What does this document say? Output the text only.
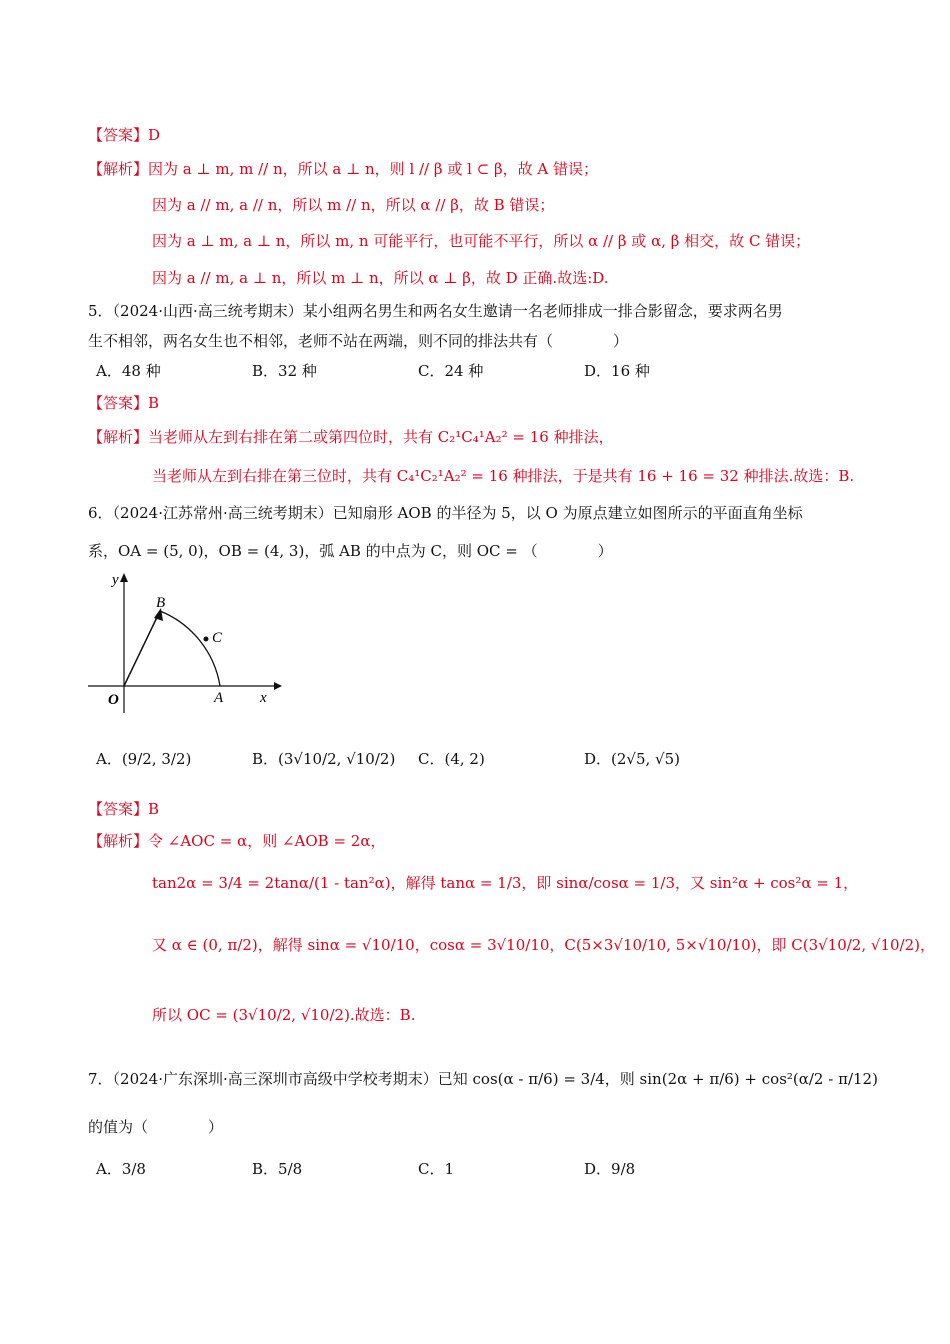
【答案】D
【解析】因为 a ⊥ m, m // n，所以 a ⊥ n，则 l // β 或 l ⊂ β，故 A 错误；
因为 a // m, a // n，所以 m // n，所以 α // β，故 B 错误；
因为 a ⊥ m, a ⊥ n，所以 m, n 可能平行，也可能不平行，所以 α // β 或 α, β 相交，故 C 错误；
因为 a // m, a ⊥ n，所以 m ⊥ n，所以 α ⊥ β，故 D 正确.故选:D.
5．（2024·山西·高三统考期末）某小组两名男生和两名女生邀请一名老师排成一排合影留念，要求两名男
生不相邻，两名女生也不相邻，老师不站在两端，则不同的排法共有（　　　　）
A．48 种	B．32 种	C．24 种	D．16 种
【答案】B
【解析】当老师从左到右排在第二或第四位时，共有 C₂¹C₄¹A₂² = 16 种排法，
当老师从左到右排在第三位时，共有 C₄¹C₂¹A₂² = 16 种排法，于是共有 16 + 16 = 32 种排法.故选：B.
6．（2024·江苏常州·高三统考期末）已知扇形 AOB 的半径为 5，以 O 为原点建立如图所示的平面直角坐标
系，OA = (5, 0)，OB = (4, 3)，弧 AB 的中点为 C，则 OC = （　　　　）
y
x
O	A
B
C
A．(9/2, 3/2)	B．(3√10/2, √10/2) C．(4, 2)	D．(2√5, √5)
【答案】B
【解析】令 ∠AOC = α，则 ∠AOB = 2α，
tan2α = 3/4 = 2tanα/(1 - tan²α)，解得 tanα = 1/3，即 sinα/cosα = 1/3，又 sin²α + cos²α = 1，
又 α ∈ (0, π/2)，解得 sinα = √10/10，cosα = 3√10/10，C(5×3√10/10, 5×√10/10)，即 C(3√10/2, √10/2)，
所以 OC = (3√10/2, √10/2).故选：B.
7．（2024·广东深圳·高三深圳市高级中学校考期末）已知 cos(α - π/6) = 3/4，则 sin(2α + π/6) + cos²(α/2 - π/12)
的值为（　　　　）
A．3/8	B．5/8	C．1	D．9/8
